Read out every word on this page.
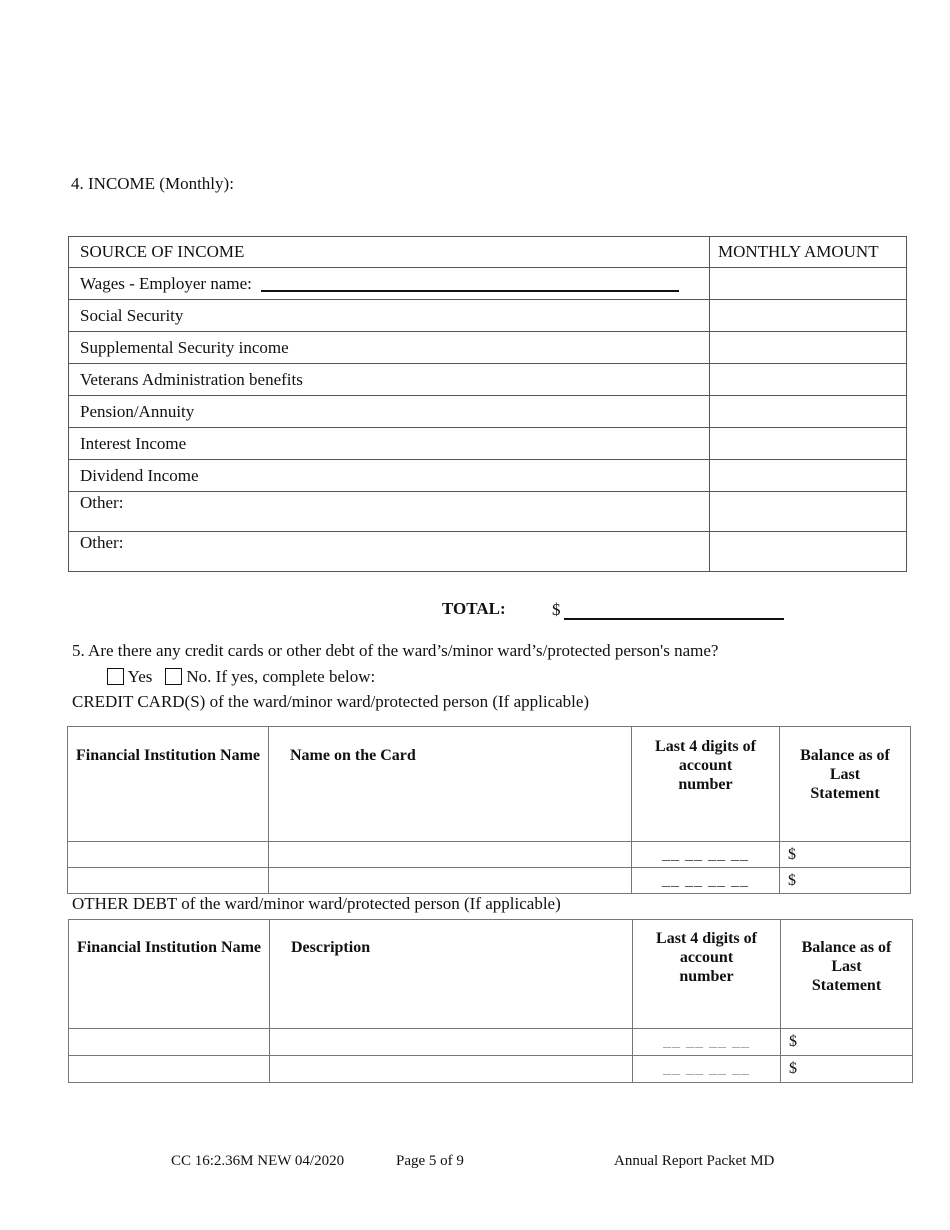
4. INCOME (Monthly):
SOURCE OF INCOME	MONTHLY AMOUNT
Wages - Employer name:	
Social Security	
Supplemental Security income	
Veterans Administration benefits	
Pension/Annuity	
Interest Income	
Dividend Income	
Other:	
Other:	
TOTAL:	$
5. Are there any credit cards or other debt of the ward’s/minor ward’s/protected person's name?
Yes No. If yes, complete below:
CREDIT CARD(S) of the ward/minor ward/protected person (If applicable)
Financial Institution Name	Name on the Card	Last 4 digits of account number	Balance as of Last Statement
		__ __ __ __	$
		__ __ __ __	$
OTHER DEBT of the ward/minor ward/protected person (If applicable)
Financial Institution Name	Description	Last 4 digits of account number	Balance as of Last Statement
		__ __ __ __	$
		__ __ __ __	$
CC 16:2.36M NEW 04/2020	Page 5 of 9	Annual Report Packet MD
